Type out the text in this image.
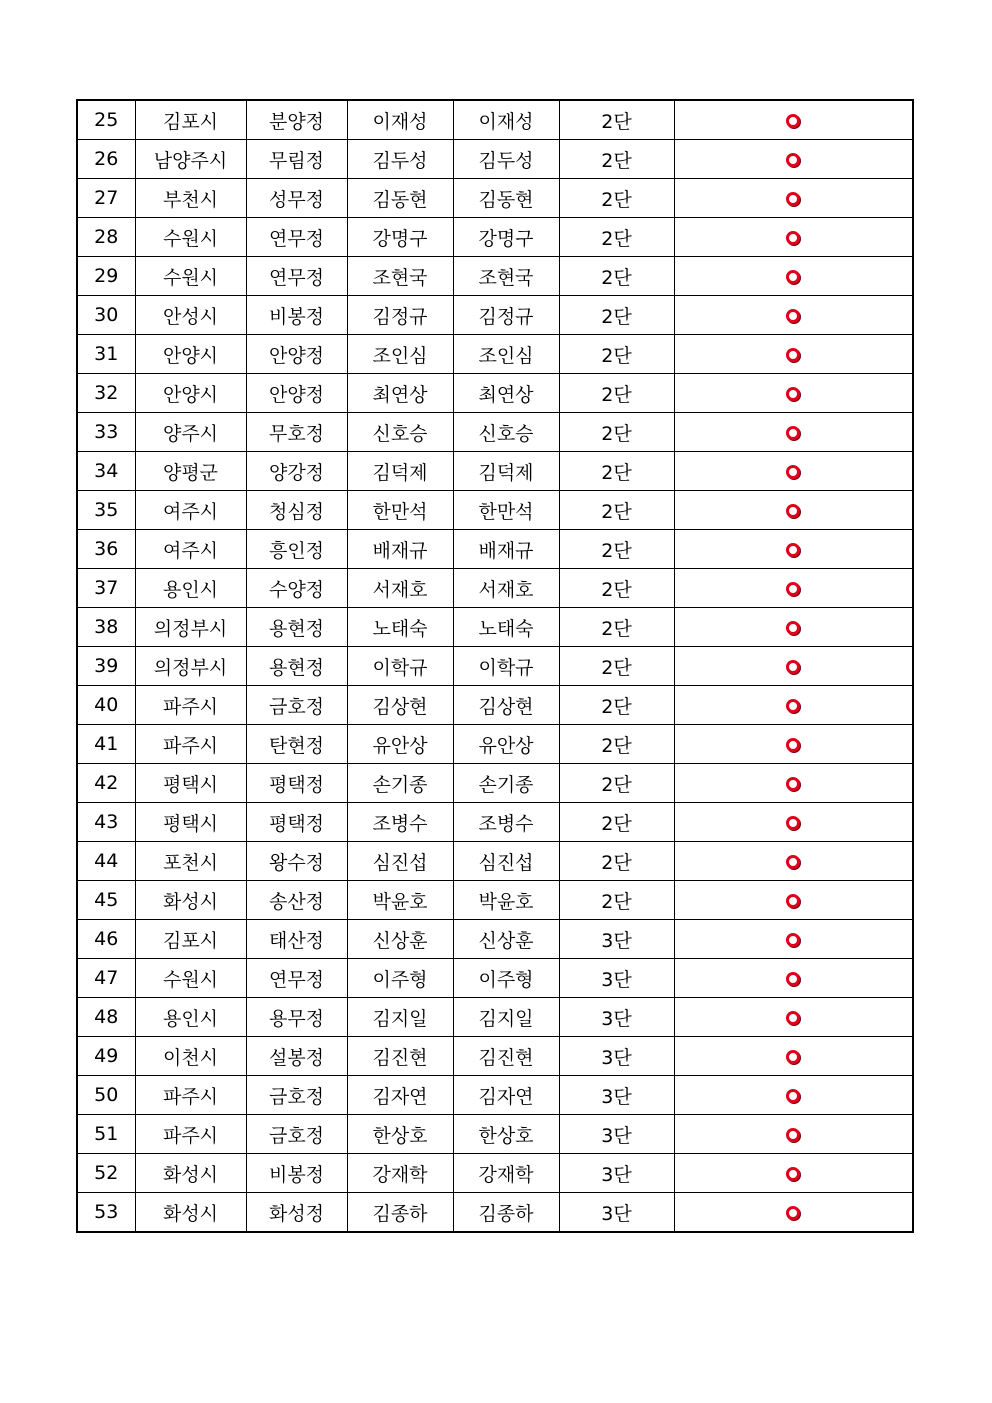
25	김포시	분양정	이재성	이재성	2단	
26	남양주시	무림정	김두성	김두성	2단	
27	부천시	성무정	김동현	김동현	2단	
28	수원시	연무정	강명구	강명구	2단	
29	수원시	연무정	조현국	조현국	2단	
30	안성시	비봉정	김정규	김정규	2단	
31	안양시	안양정	조인심	조인심	2단	
32	안양시	안양정	최연상	최연상	2단	
33	양주시	무호정	신호승	신호승	2단	
34	양평군	양강정	김덕제	김덕제	2단	
35	여주시	청심정	한만석	한만석	2단	
36	여주시	흥인정	배재규	배재규	2단	
37	용인시	수양정	서재호	서재호	2단	
38	의정부시	용현정	노태숙	노태숙	2단	
39	의정부시	용현정	이학규	이학규	2단	
40	파주시	금호정	김상현	김상현	2단	
41	파주시	탄현정	유안상	유안상	2단	
42	평택시	평택정	손기종	손기종	2단	
43	평택시	평택정	조병수	조병수	2단	
44	포천시	왕수정	심진섭	심진섭	2단	
45	화성시	송산정	박윤호	박윤호	2단	
46	김포시	태산정	신상훈	신상훈	3단	
47	수원시	연무정	이주형	이주형	3단	
48	용인시	용무정	김지일	김지일	3단	
49	이천시	설봉정	김진현	김진현	3단	
50	파주시	금호정	김자연	김자연	3단	
51	파주시	금호정	한상호	한상호	3단	
52	화성시	비봉정	강재학	강재학	3단	
53	화성시	화성정	김종하	김종하	3단	
